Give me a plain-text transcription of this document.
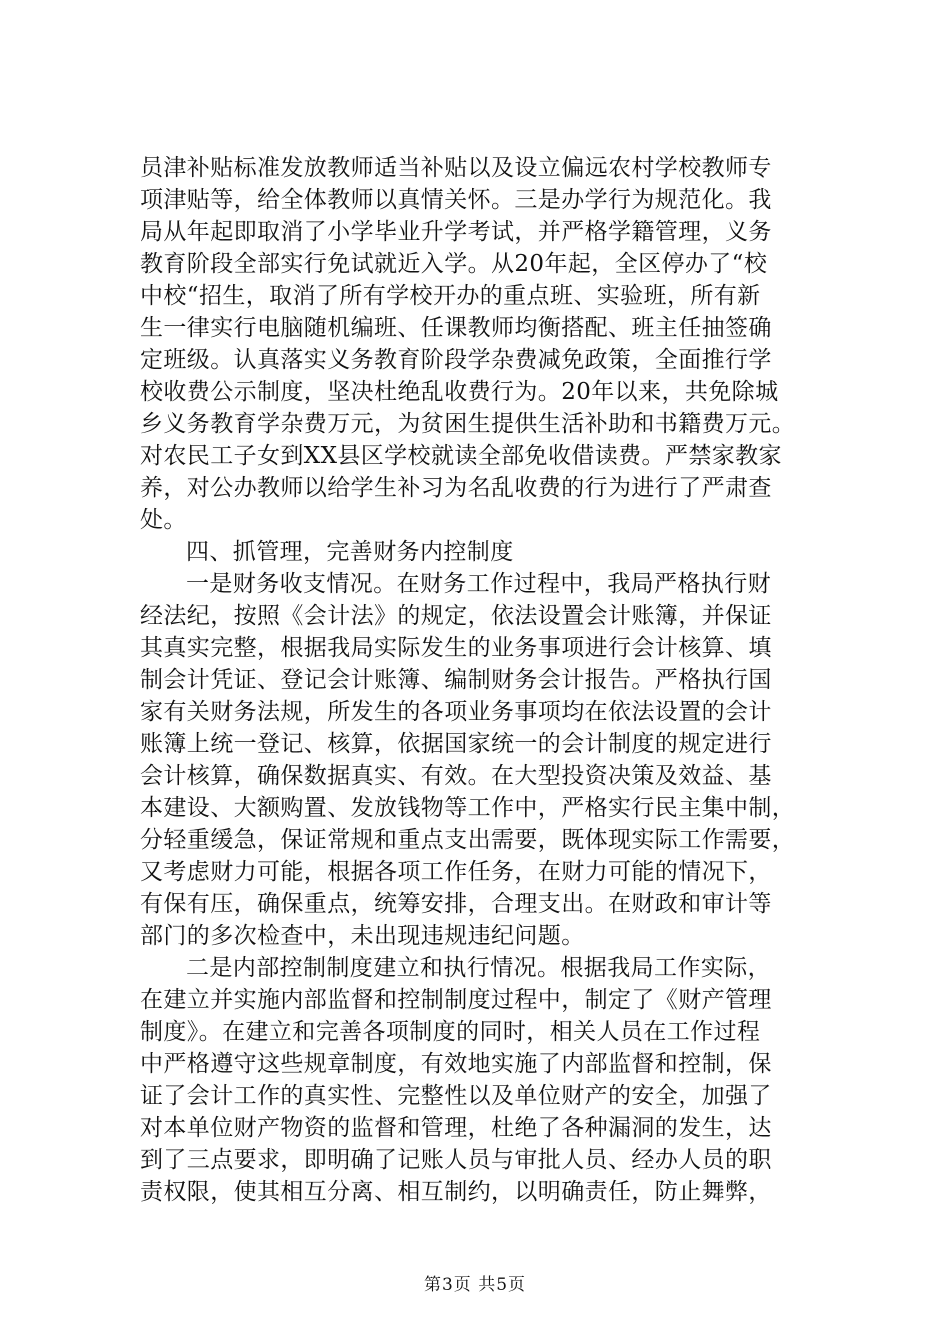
员津补贴标准发放教师适当补贴以及设立偏远农村学校教师专
项津贴等，给全体教师以真情关怀。三是办学行为规范化。我
局从年起即取消了小学毕业升学考试，并严格学籍管理，义务
教育阶段全部实行免试就近入学。从20年起，全区停办了“校
中校“招生，取消了所有学校开办的重点班、实验班，所有新
生一律实行电脑随机编班、任课教师均衡搭配、班主任抽签确
定班级。认真落实义务教育阶段学杂费减免政策，全面推行学
校收费公示制度，坚决杜绝乱收费行为。20年以来，共免除城
乡义务教育学杂费万元，为贫困生提供生活补助和书籍费万元。
对农民工子女到XX县区学校就读全部免收借读费。严禁家教家
养，对公办教师以给学生补习为名乱收费的行为进行了严肃查
处。
四、抓管理，完善财务内控制度
一是财务收支情况。在财务工作过程中，我局严格执行财
经法纪，按照《会计法》的规定，依法设置会计账簿，并保证
其真实完整，根据我局实际发生的业务事项进行会计核算、填
制会计凭证、登记会计账簿、编制财务会计报告。严格执行国
家有关财务法规，所发生的各项业务事项均在依法设置的会计
账簿上统一登记、核算，依据国家统一的会计制度的规定进行
会计核算，确保数据真实、有效。在大型投资决策及效益、基
本建设、大额购置、发放钱物等工作中，严格实行民主集中制，
分轻重缓急，保证常规和重点支出需要，既体现实际工作需要，
又考虑财力可能，根据各项工作任务，在财力可能的情况下，
有保有压，确保重点，统筹安排，合理支出。在财政和审计等
部门的多次检查中，未出现违规违纪问题。
二是内部控制制度建立和执行情况。根据我局工作实际，
在建立并实施内部监督和控制制度过程中，制定了《财产管理
制度》。在建立和完善各项制度的同时，相关人员在工作过程
中严格遵守这些规章制度，有效地实施了内部监督和控制，保
证了会计工作的真实性、完整性以及单位财产的安全，加强了
对本单位财产物资的监督和管理，杜绝了各种漏洞的发生，达
到了三点要求，即明确了记账人员与审批人员、经办人员的职
责权限，使其相互分离、相互制约，以明确责任，防止舞弊，
第3页 共5页
